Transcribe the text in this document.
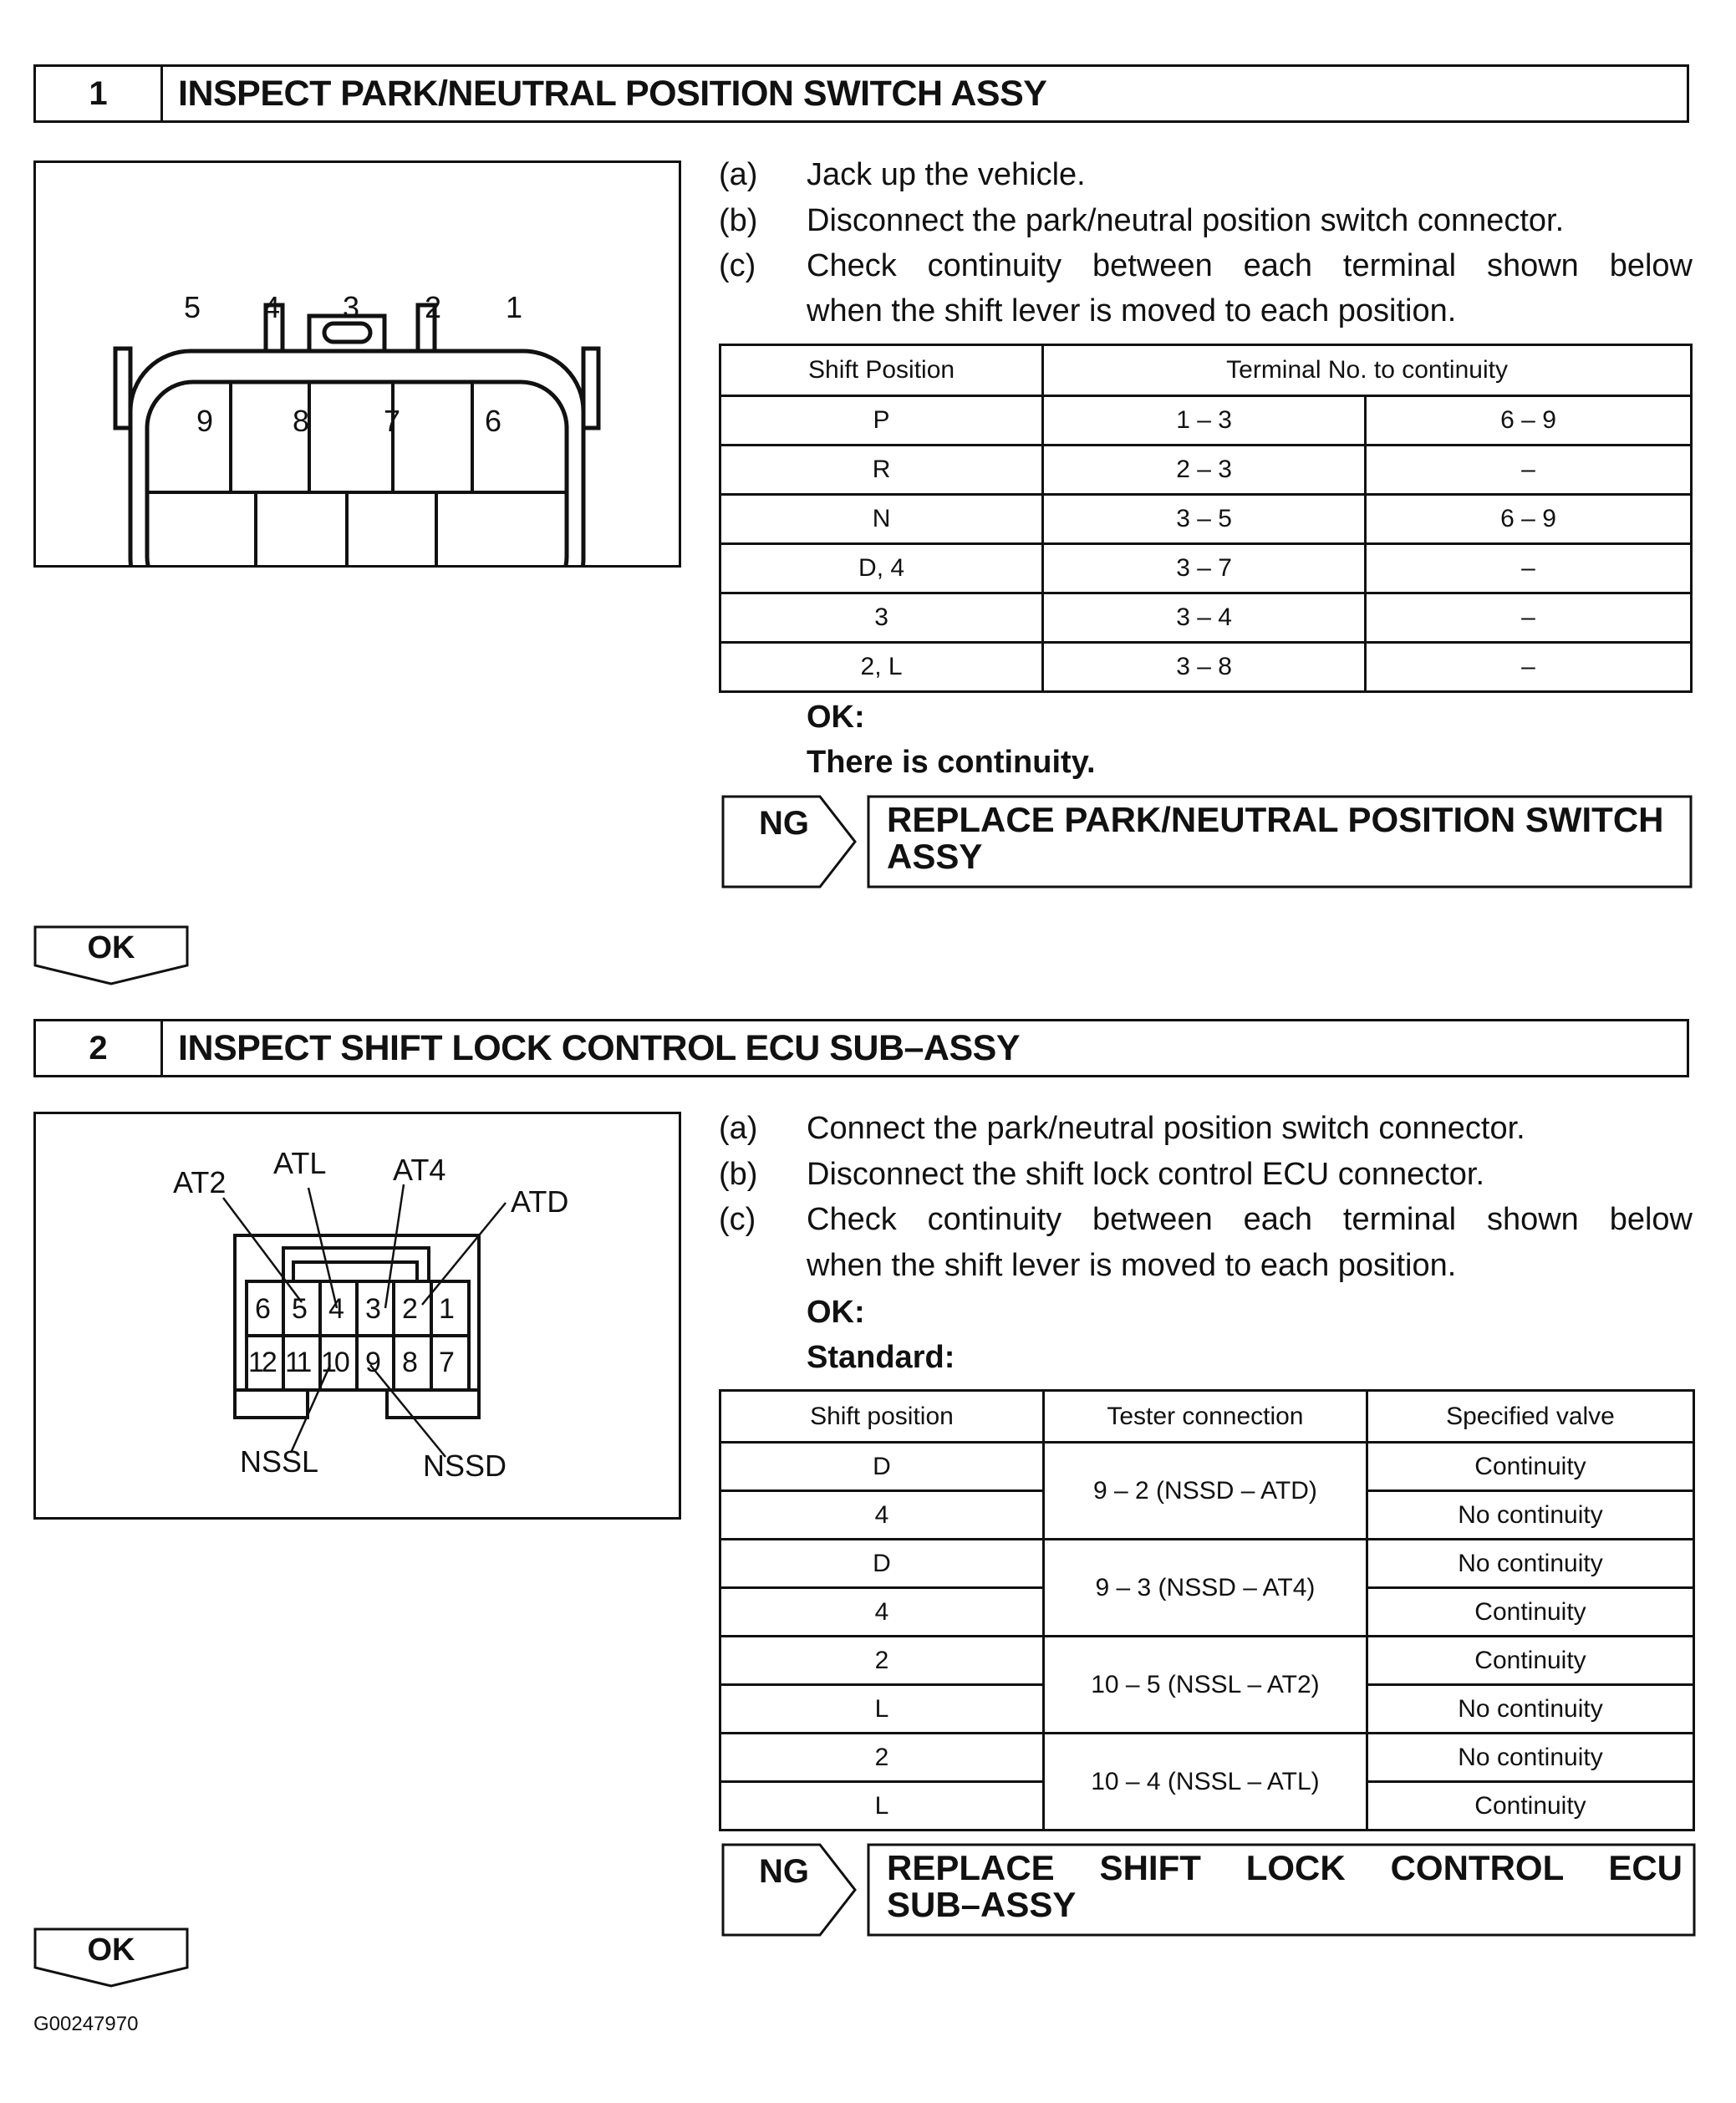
1	INSPECT PARK/NEUTRAL POSITION SWITCH ASSY
5 4 3 2 1
9	8 7	6
(a) Jack up the vehicle.
(b) Disconnect the park/neutral position switch connector.
(c) Check continuity between each terminal shown below
when the shift lever is moved to each position.
Shift Position	Terminal No. to continuity	
P	1 – 3	6 – 9
R	2 – 3	–
N	3 – 5	6 – 9
D, 4	3 – 7	–
3	3 – 4	–
2, L	3 – 8	–
OK:
There is continuity.
NG	REPLACE PARK/NEUTRAL POSITION SWITCH ASSY
OK
2	INSPECT SHIFT LOCK CONTROL ECU SUB–ASSY
AT2
ATL AT4
ATD
NSSL	NSSD
6 5 4 3 2 1
12 11 10 9 8 7
(a) Connect the park/neutral position switch connector.
(b) Disconnect the shift lock control ECU connector.
(c) Check continuity between each terminal shown below
when the shift lever is moved to each position.
OK:
Standard:
Shift position	Tester connection	Specified valve
D	9 – 2 (NSSD – ATD)	Continuity
4		No continuity
D	9 – 3 (NSSD – AT4)	No continuity
4		Continuity
2	10 – 5 (NSSL – AT2)	Continuity
L		No continuity
2	10 – 4 (NSSL – ATL)	No continuity
L		Continuity
NG	REPLACE SHIFT LOCK CONTROL ECU SUB–ASSY
OK
G00247970
